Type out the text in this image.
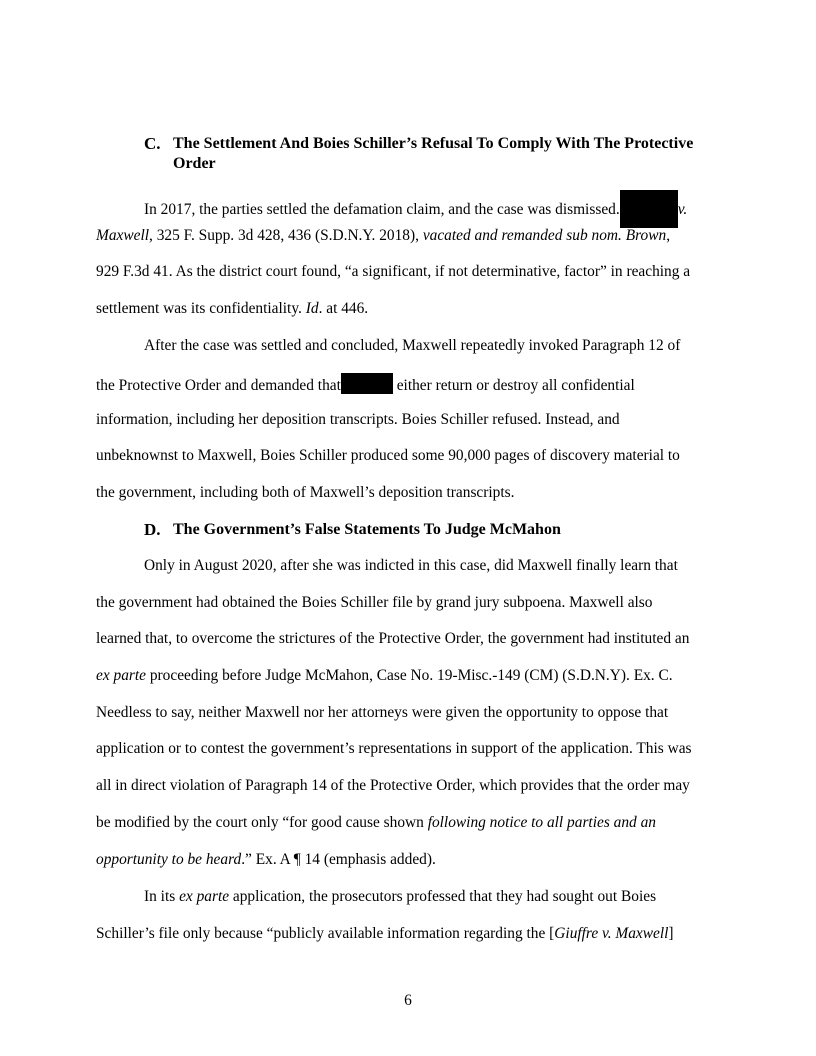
C. The Settlement And Boies Schiller’s Refusal To Comply With The Protective Order
In 2017, the parties settled the defamation claim, and the case was dismissed.	v.
Maxwell, 325 F. Supp. 3d 428, 436 (S.D.N.Y. 2018), vacated and remanded sub nom. Brown,
929 F.3d 41. As the district court found, “a significant, if not determinative, factor” in reaching a
settlement was its confidentiality. Id. at 446.
After the case was settled and concluded, Maxwell repeatedly invoked Paragraph 12 of
the Protective Order and demanded that	either return or destroy all confidential
information, including her deposition transcripts. Boies Schiller refused. Instead, and
unbeknownst to Maxwell, Boies Schiller produced some 90,000 pages of discovery material to
the government, including both of Maxwell’s deposition transcripts.
D. The Government’s False Statements To Judge McMahon
Only in August 2020, after she was indicted in this case, did Maxwell finally learn that
the government had obtained the Boies Schiller file by grand jury subpoena. Maxwell also
learned that, to overcome the strictures of the Protective Order, the government had instituted an
ex parte proceeding before Judge McMahon, Case No. 19-Misc.-149 (CM) (S.D.N.Y). Ex. C.
Needless to say, neither Maxwell nor her attorneys were given the opportunity to oppose that
application or to contest the government’s representations in support of the application. This was
all in direct violation of Paragraph 14 of the Protective Order, which provides that the order may
be modified by the court only “for good cause shown following notice to all parties and an
opportunity to be heard.” Ex. A ¶ 14 (emphasis added).
In its ex parte application, the prosecutors professed that they had sought out Boies
Schiller’s file only because “publicly available information regarding the [Giuffre v. Maxwell]
6
